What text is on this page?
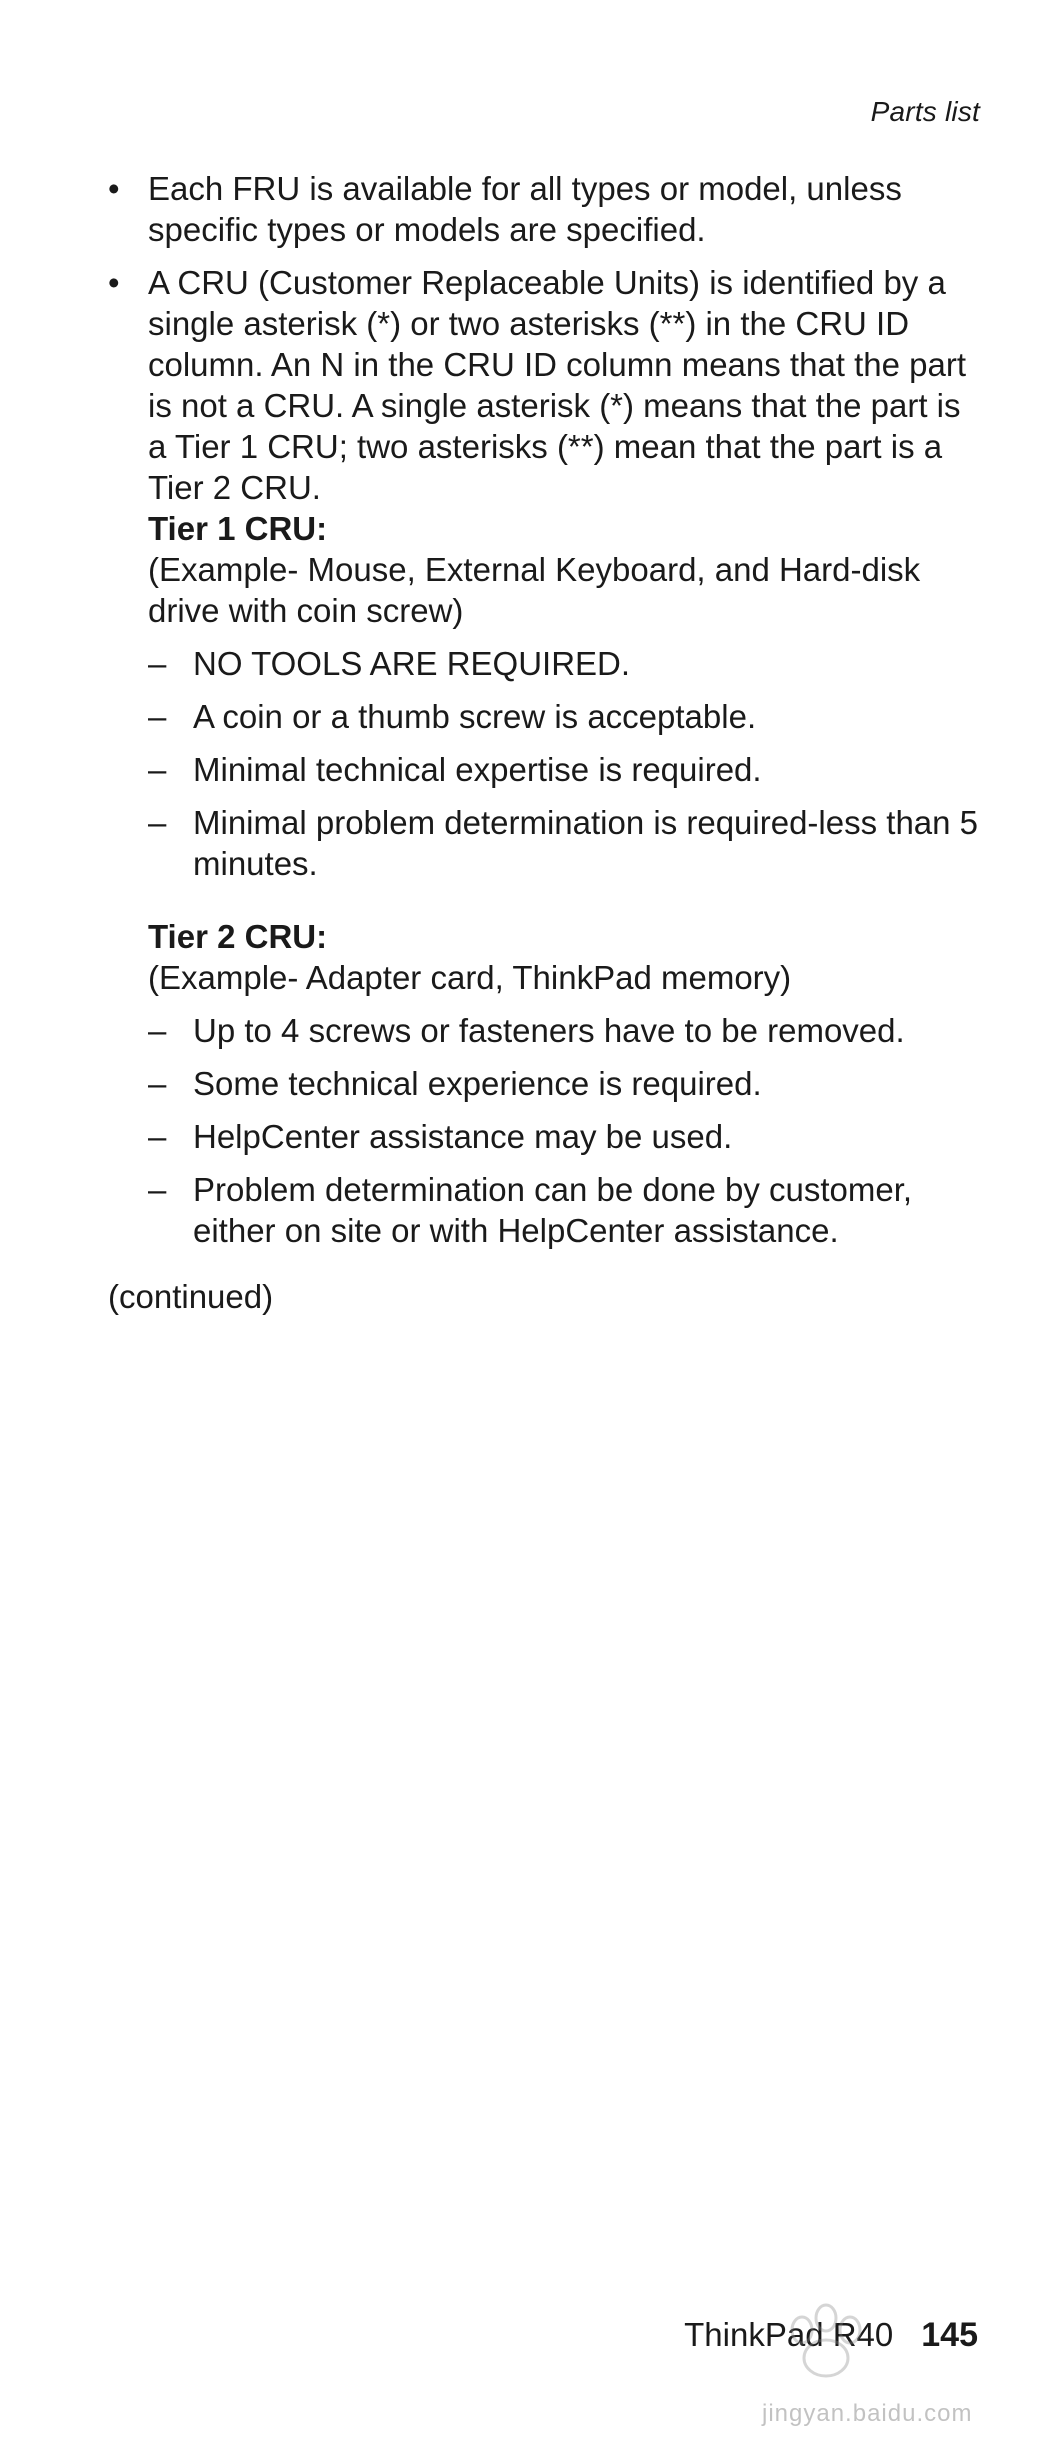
Parts list
• Each FRU is available for all types or model, unless specific types or models are specified.
• A CRU (Customer Replaceable Units) is identified by a single asterisk (*) or two asterisks (**) in the CRU ID column. An N in the CRU ID column means that the part is not a CRU. A single asterisk (*) means that the part is a Tier 1 CRU; two asterisks (**) mean that the part is a Tier 2 CRU.
Tier 1 CRU:
(Example- Mouse, External Keyboard, and Hard-disk drive with coin screw)
– NO TOOLS ARE REQUIRED.
– A coin or a thumb screw is acceptable.
– Minimal technical expertise is required.
– Minimal problem determination is required-less than 5 minutes.
Tier 2 CRU:
(Example- Adapter card, ThinkPad memory)
– Up to 4 screws or fasteners have to be removed.
– Some technical experience is required.
– HelpCenter assistance may be used.
– Problem determination can be done by customer, either on site or with HelpCenter assistance.
(continued)
ThinkPad R40 145
jingyan.baidu.com
